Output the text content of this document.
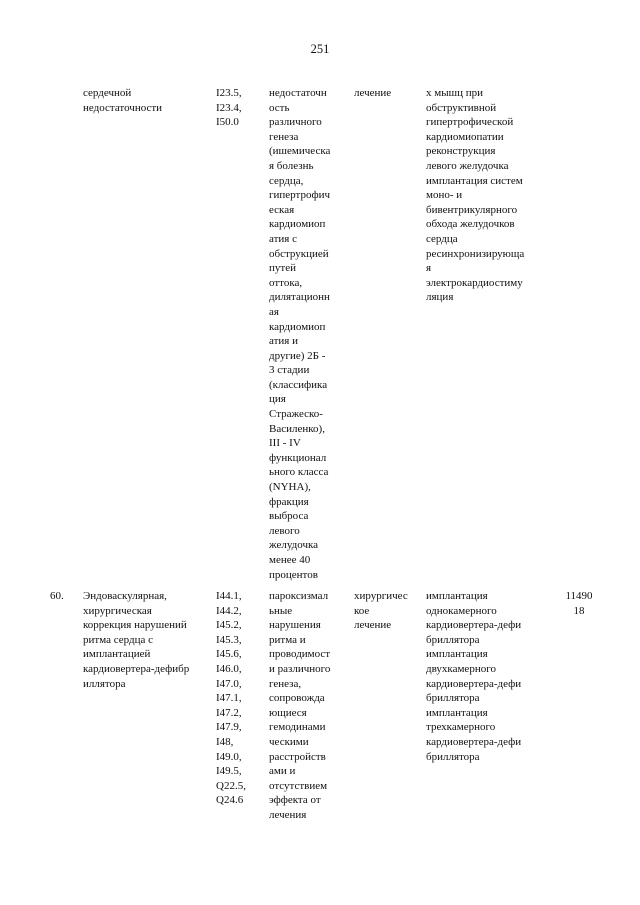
251
сердечной
недостаточности
I23.5,
I23.4,
I50.0
недостаточн
ость
различного
генеза
(ишемическа
я болезнь
сердца,
гипертрофич
еская
кардиомиоп
атия с
обструкцией
путей
оттока,
дилятационн
ая
кардиомиоп
атия и
другие) 2Б -
3 стадии
(классифика
ция
Стражеско-
Василенко),
III - IV
функционал
ьного класса
(NYHA),
фракция
выброса
левого
желудочка
менее 40
процентов
лечение	х мышц при
обструктивной
гипертрофической
кардиомиопатии
реконструкция
левого желудочка
имплантация систем
моно- и
бивентрикулярного
обхода желудочков
сердца
ресинхронизирующа
я
электрокардиостиму
ляция
60.	Эндоваскулярная,
хирургическая
коррекция нарушений
ритма сердца с
имплантацией
кардиовертера-дефибр
иллятора
I44.1,
I44.2,
I45.2,
I45.3,
I45.6,
I46.0,
I47.0,
I47.1,
I47.2,
I47.9,
I48,
I49.0,
I49.5,
Q22.5,
Q24.6
пароксизмал
ьные
нарушения
ритма и
проводимост
и различного
генеза,
сопровожда
ющиеся
гемодинами
ческими
расстройств
ами и
отсутствием
эффекта от
лечения
хирургичес
кое
лечение
имплантация
однокамерного
кардиовертера-дефи
бриллятора
имплантация
двухкамерного
кардиовертера-дефи
бриллятора
имплантация
трехкамерного
кардиовертера-дефи
бриллятора
11490
18
